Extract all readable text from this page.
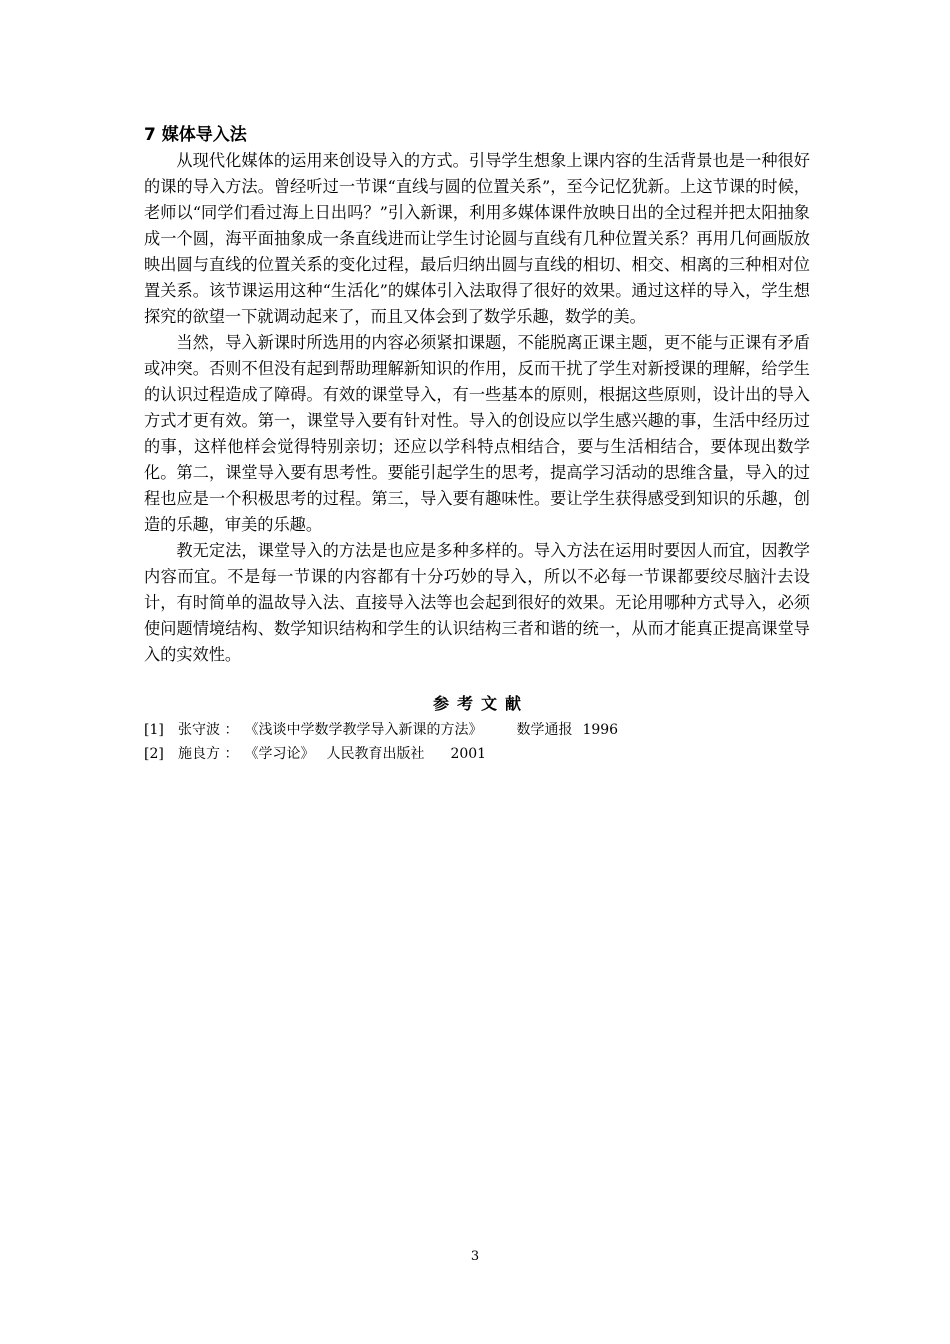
7 媒体导入法

从现代化媒体的运用来创设导入的方式。引导学生想象上课内容的生活背景也是一种很好的课的导入方法。曾经听过一节课“直线与圆的位置关系”，至今记忆犹新。上这节课的时候，老师以“同学们看过海上日出吗？”引入新课，利用多媒体课件放映日出的全过程并把太阳抽象成一个圆，海平面抽象成一条直线进而让学生讨论圆与直线有几种位置关系？再用几何画版放映出圆与直线的位置关系的变化过程，最后归纳出圆与直线的相切、相交、相离的三种相对位置关系。该节课运用这种“生活化”的媒体引入法取得了很好的效果。通过这样的导入，学生想探究的欲望一下就调动起来了，而且又体会到了数学乐趣，数学的美。

当然，导入新课时所选用的内容必须紧扣课题，不能脱离正课主题，更不能与正课有矛盾或冲突。否则不但没有起到帮助理解新知识的作用，反而干扰了学生对新授课的理解，给学生的认识过程造成了障碍。有效的课堂导入，有一些基本的原则，根据这些原则，设计出的导入方式才更有效。第一，课堂导入要有针对性。导入的创设应以学生感兴趣的事，生活中经历过的事，这样他样会觉得特别亲切；还应以学科特点相结合，要与生活相结合，要体现出数学化。第二，课堂导入要有思考性。要能引起学生的思考，提高学习活动的思维含量，导入的过程也应是一个积极思考的过程。第三，导入要有趣味性。要让学生获得感受到知识的乐趣，创造的乐趣，审美的乐趣。

教无定法，课堂导入的方法是也应是多种多样的。导入方法在运用时要因人而宜，因教学内容而宜。不是每一节课的内容都有十分巧妙的导入，所以不必每一节课都要绞尽脑汁去设计，有时简单的温故导入法、直接导入法等也会起到很好的效果。无论用哪种方式导入，必须使问题情境结构、数学知识结构和学生的认识结构三者和谐的统一，从而才能真正提高课堂导入的实效性。

参考文献
[1]	张守波 ： 《浅谈中学数学教学导入新课的方法》 数学通报 1996
[2]	施良方 ： 《学习论》 人民教育出版社 2001
3
